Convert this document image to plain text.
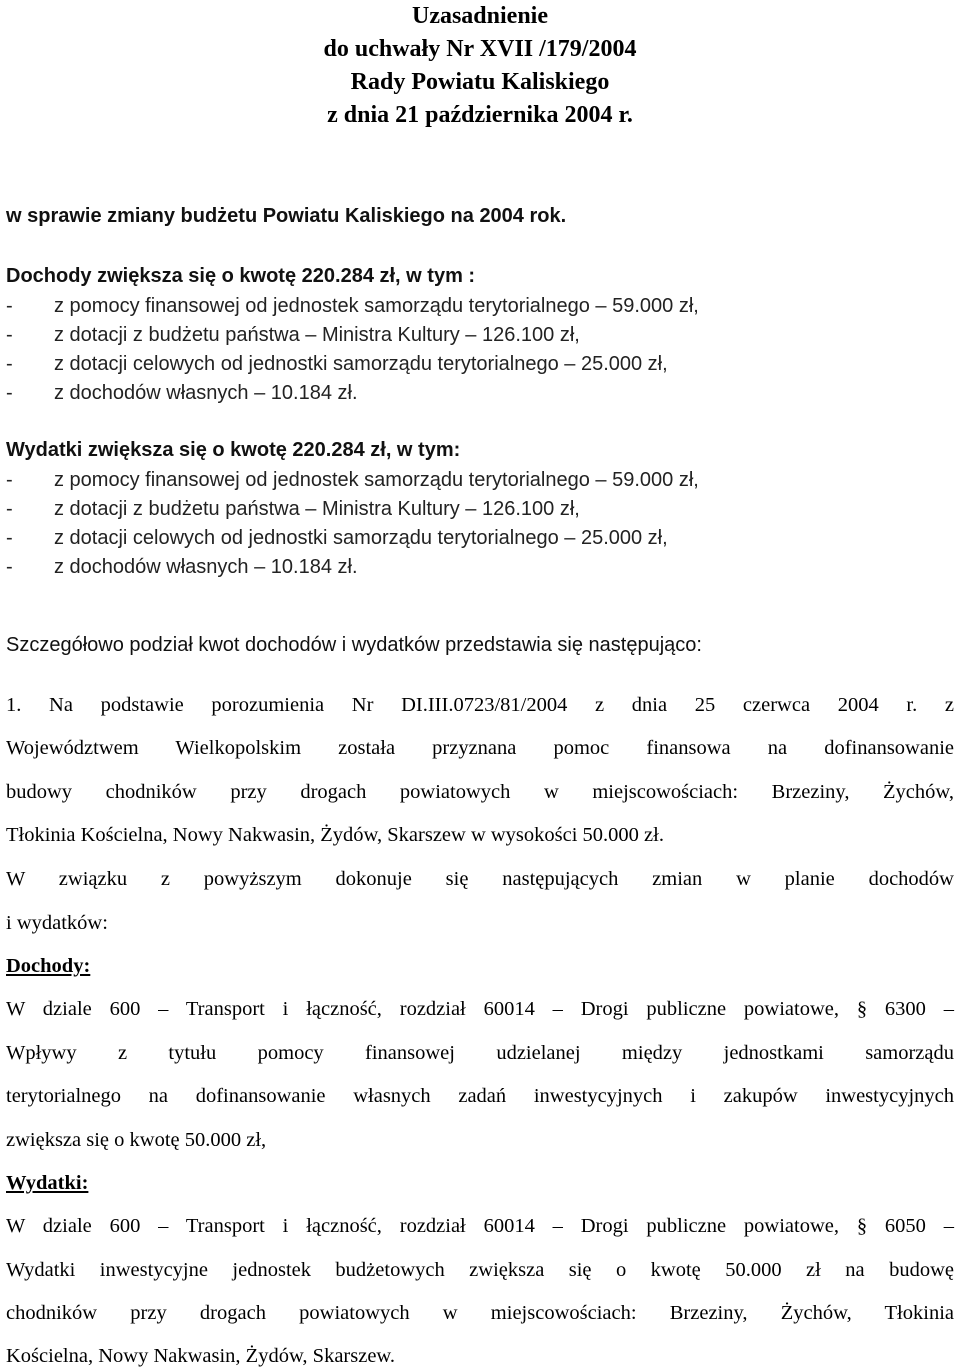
Uzasadnienie
do uchwały Nr XVII /179/2004
Rady Powiatu Kaliskiego
z dnia 21 października 2004 r.
w sprawie zmiany budżetu Powiatu Kaliskiego na 2004 rok.
Dochody zwiększa się o kwotę 220.284 zł, w tym :
- z pomocy finansowej od jednostek samorządu terytorialnego – 59.000 zł,
- z dotacji z budżetu państwa – Ministra Kultury – 126.100 zł,
- z dotacji celowych od jednostki samorządu terytorialnego – 25.000 zł,
- z dochodów własnych – 10.184 zł.
Wydatki zwiększa się o kwotę 220.284 zł, w tym:
- z pomocy finansowej od jednostek samorządu terytorialnego – 59.000 zł,
- z dotacji z budżetu państwa – Ministra Kultury – 126.100 zł,
- z dotacji celowych od jednostki samorządu terytorialnego – 25.000 zł,
- z dochodów własnych – 10.184 zł.
Szczegółowo podział kwot dochodów i wydatków przedstawia się następująco:
1. Na podstawie porozumienia Nr DI.III.0723/81/2004 z dnia 25 czerwca 2004 r. z
Województwem Wielkopolskim została przyznana pomoc finansowa na dofinansowanie
budowy chodników przy drogach powiatowych w miejscowościach: Brzeziny, Żychów,
Tłokinia Kościelna, Nowy Nakwasin, Żydów, Skarszew w wysokości 50.000 zł.
W związku z powyższym dokonuje się następujących zmian w planie dochodów
i wydatków:
Dochody:
W dziale 600 – Transport i łączność, rozdział 60014 – Drogi publiczne powiatowe, § 6300 –
Wpływy z tytułu pomocy finansowej udzielanej między jednostkami samorządu
terytorialnego na dofinansowanie własnych zadań inwestycyjnych i zakupów inwestycyjnych
zwiększa się o kwotę 50.000 zł,
Wydatki:
W dziale 600 – Transport i łączność, rozdział 60014 – Drogi publiczne powiatowe, § 6050 –
Wydatki inwestycyjne jednostek budżetowych zwiększa się o kwotę 50.000 zł na budowę
chodników przy drogach powiatowych w miejscowościach: Brzeziny, Żychów, Tłokinia
Kościelna, Nowy Nakwasin, Żydów, Skarszew.
